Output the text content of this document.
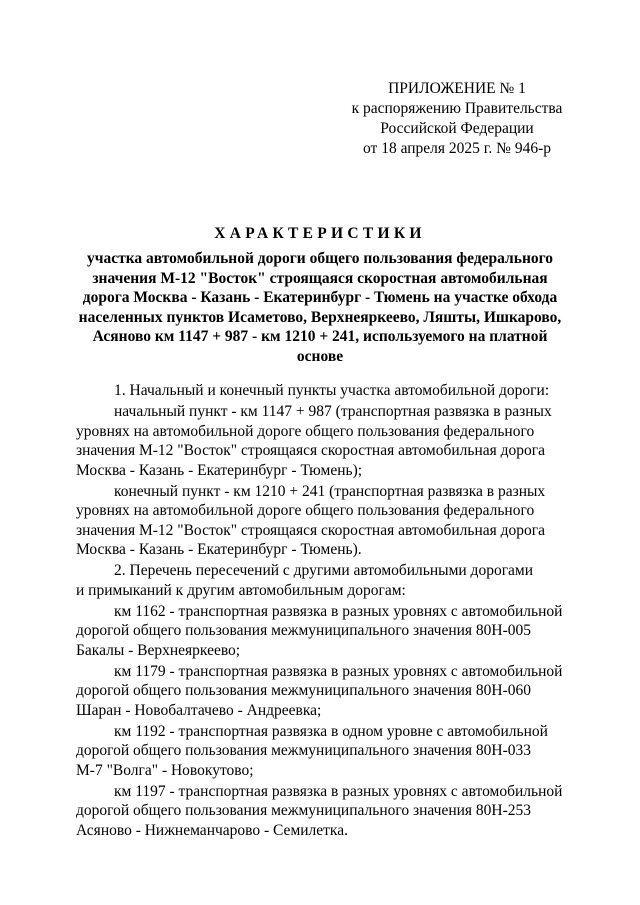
ПРИЛОЖЕНИЕ № 1
к распоряжению Правительства
Российской Федерации
от 18 апреля 2025 г. № 946-р
ХАРАКТЕРИСТИКИ
участка автомобильной дороги общего пользования федерального значения М-12 "Восток" строящаяся скоростная автомобильная дорога Москва - Казань - Екатеринбург - Тюмень на участке обхода населенных пунктов Исаметово, Верхнеяркеево, Ляшты, Ишкарово, Асяново км 1147 + 987 - км 1210 + 241, используемого на платной основе

1. Начальный и конечный пункты участка автомобильной дороги:

начальный пункт - км 1147 + 987 (транспортная развязка в разных
уровнях на автомобильной дороге общего пользования федерального
значения М-12 "Восток" строящаяся скоростная автомобильная дорога
Москва - Казань - Екатеринбург - Тюмень);

конечный пункт - км 1210 + 241 (транспортная развязка в разных
уровнях на автомобильной дороге общего пользования федерального
значения М-12 "Восток" строящаяся скоростная автомобильная дорога
Москва - Казань - Екатеринбург - Тюмень).

2. Перечень пересечений с другими автомобильными дорогами
и примыканий к другим автомобильным дорогам:

км 1162 - транспортная развязка в разных уровнях с автомобильной
дорогой общего пользования межмуниципального значения 80Н-005
Бакалы - Верхнеяркеево;

км 1179 - транспортная развязка в разных уровнях с автомобильной
дорогой общего пользования межмуниципального значения 80Н-060
Шаран - Новобалтачево - Андреевка;

км 1192 - транспортная развязка в одном уровне с автомобильной
дорогой общего пользования межмуниципального значения 80Н-033
М-7 "Волга" - Новокутово;

км 1197 - транспортная развязка в разных уровнях с автомобильной
дорогой общего пользования межмуниципального значения 80Н-253
Асяново - Нижнеманчарово - Семилетка.
